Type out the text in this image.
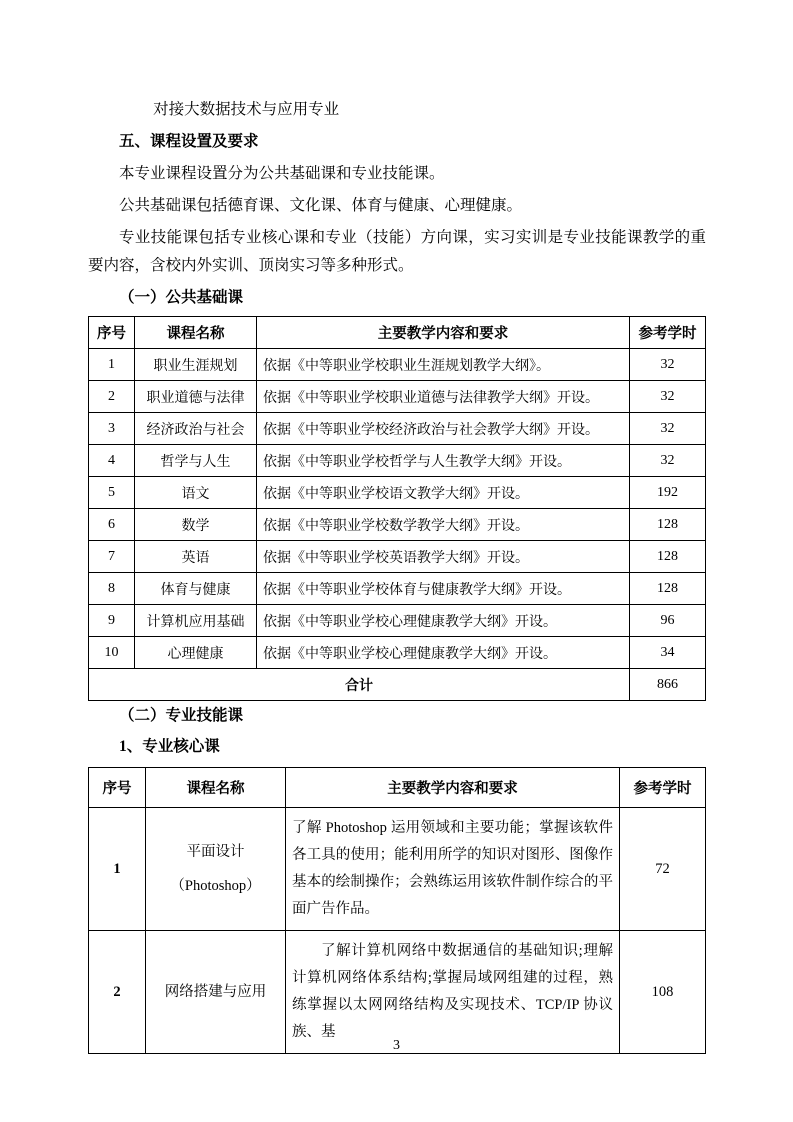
对接大数据技术与应用专业

五、课程设置及要求

本专业课程设置分为公共基础课和专业技能课。

公共基础课包括德育课、文化课、体育与健康、心理健康。

专业技能课包括专业核心课和专业（技能）方向课，实习实训是专业技能课教学的重要内容，含校内外实训、顶岗实习等多种形式。

（一）公共基础课

序号	课程名称	主要教学内容和要求	参考学时
1	职业生涯规划	依据《中等职业学校职业生涯规划教学大纲》。	32
2	职业道德与法律	依据《中等职业学校职业道德与法律教学大纲》开设。	32
3	经济政治与社会	依据《中等职业学校经济政治与社会教学大纲》开设。	32
4	哲学与人生	依据《中等职业学校哲学与人生教学大纲》开设。	32
5	语文	依据《中等职业学校语文教学大纲》开设。	192
6	数学	依据《中等职业学校数学教学大纲》开设。	128
7	英语	依据《中等职业学校英语教学大纲》开设。	128
8	体育与健康	依据《中等职业学校体育与健康教学大纲》开设。	128
9	计算机应用基础	依据《中等职业学校心理健康教学大纲》开设。	96
10	心理健康	依据《中等职业学校心理健康教学大纲》开设。	34
合计			866

（二）专业技能课

1、专业核心课

序号	课程名称	主要教学内容和要求	参考学时
1	平面设计
（Photoshop）	了解 Photoshop 运用领域和主要功能；掌握该软件各工具的使用；能利用所学的知识对图形、图像作基本的绘制操作；会熟练运用该软件制作综合的平面广告作品。	72
2	网络搭建与应用	了解计算机网络中数据通信的基础知识;理解计算机网络体系结构;掌握局域网组建的过程，熟练掌握以太网网络结构及实现技术、TCP/IP 协议族、基	108
3
